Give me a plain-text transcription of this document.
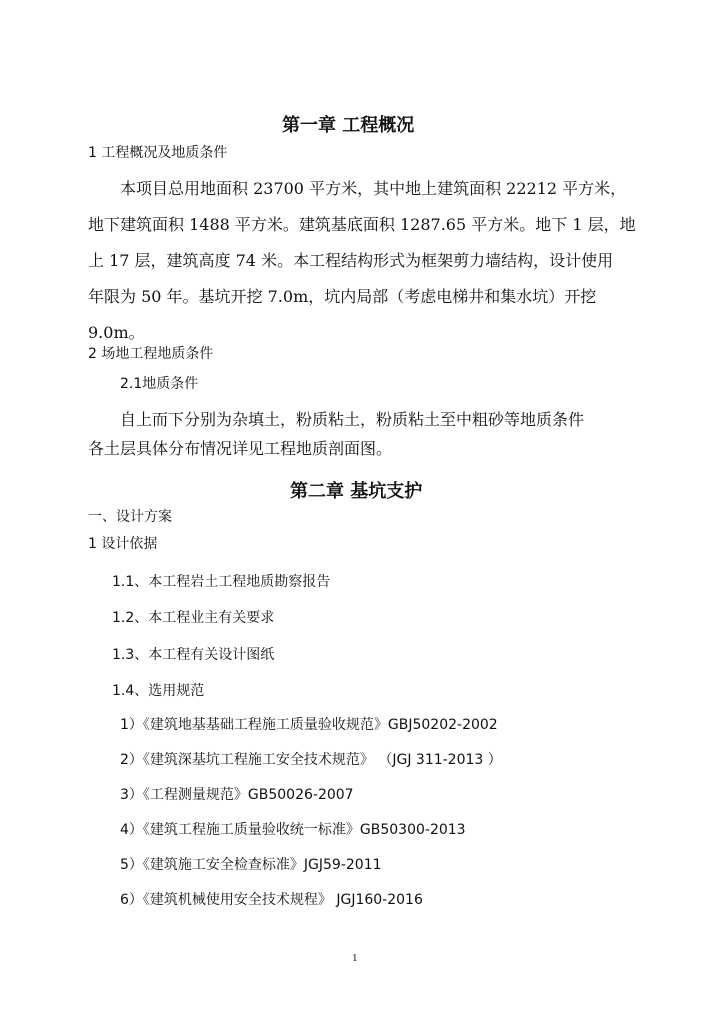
第一章 工程概况
1 工程概况及地质条件
本项目总用地面积 23700 平方米，其中地上建筑面积 22212 平方米，
地下建筑面积 1488 平方米。建筑基底面积 1287.65 平方米。地下 1 层，地
上 17 层，建筑高度 74 米。本工程结构形式为框架剪力墙结构，设计使用
年限为 50 年。基坑开挖 7.0m，坑内局部（考虑电梯井和集水坑）开挖
9.0m。
2 场地工程地质条件
2.1地质条件
自上而下分别为杂填土，粉质粘土，粉质粘土至中粗砂等地质条件
各土层具体分布情况详见工程地质剖面图。
第二章 基坑支护
一、设计方案
1 设计依据
1.1、本工程岩土工程地质勘察报告
1.2、本工程业主有关要求
1.3、本工程有关设计图纸
1.4、选用规范
1）《建筑地基基础工程施工质量验收规范》GBJ50202-2002
2）《建筑深基坑工程施工安全技术规范》 （JGJ 311-2013 ）
3）《工程测量规范》GB50026-2007
4）《建筑工程施工质量验收统一标准》GB50300-2013
5）《建筑施工安全检查标准》JGJ59-2011
6）《建筑机械使用安全技术规程》 JGJ160-2016
1
